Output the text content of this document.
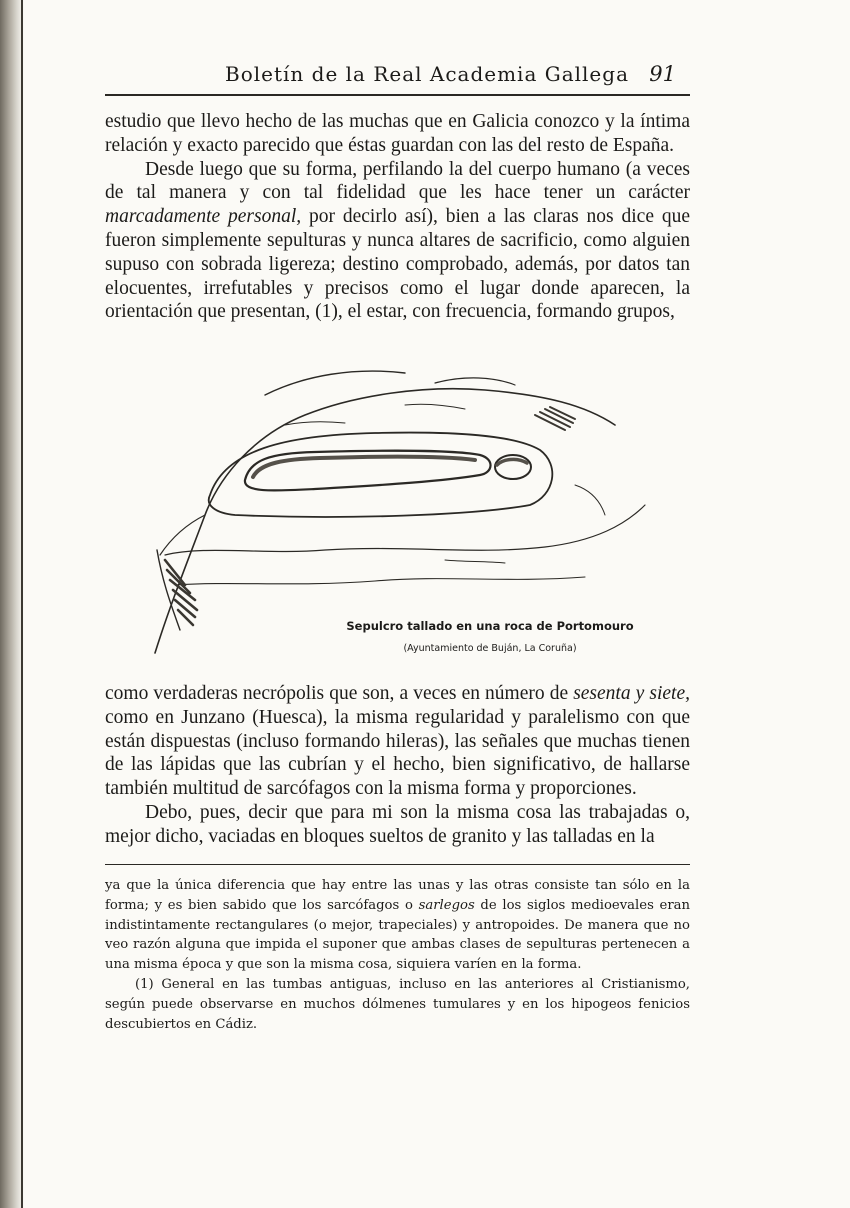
Boletín de la Real Academia Gallega 91

estudio que llevo hecho de las muchas que en Galicia conozco y la íntima relación y exacto parecido que éstas guardan con las del resto de España.

Desde luego que su forma, perfilando la del cuerpo humano (a veces de tal manera y con tal fidelidad que les hace tener un carácter marcadamente personal, por decirlo así), bien a las claras nos dice que fueron simplemente sepulturas y nunca altares de sacrificio, como alguien supuso con sobrada ligereza; destino comprobado, además, por datos tan elocuentes, irrefutables y precisos como el lugar donde aparecen, la orientación que presentan, (1), el estar, con frecuencia, formando grupos,

Sepulcro tallado en una roca de Portomouro
(Ayuntamiento de Buján, La Coruña)

como verdaderas necrópolis que son, a veces en número de sesenta y siete, como en Junzano (Huesca), la misma regularidad y paralelismo con que están dispuestas (incluso formando hileras), las señales que muchas tienen de las lápidas que las cubrían y el hecho, bien significativo, de hallarse también multitud de sarcófagos con la misma forma y proporciones.

Debo, pues, decir que para mi son la misma cosa las trabajadas o, mejor dicho, vaciadas en bloques sueltos de granito y las talladas en la

ya que la única diferencia que hay entre las unas y las otras consiste tan sólo en la forma; y es bien sabido que los sarcófagos o sarlegos de los siglos medioevales eran indistintamente rectangulares (o mejor, trapeciales) y antropoides. De manera que no veo razón alguna que impida el suponer que ambas clases de sepulturas pertenecen a una misma época y que son la misma cosa, siquiera varíen en la forma.

(1) General en las tumbas antiguas, incluso en las anteriores al Cristianismo, según puede observarse en muchos dólmenes tumulares y en los hipogeos fenicios descubiertos en Cádiz.
